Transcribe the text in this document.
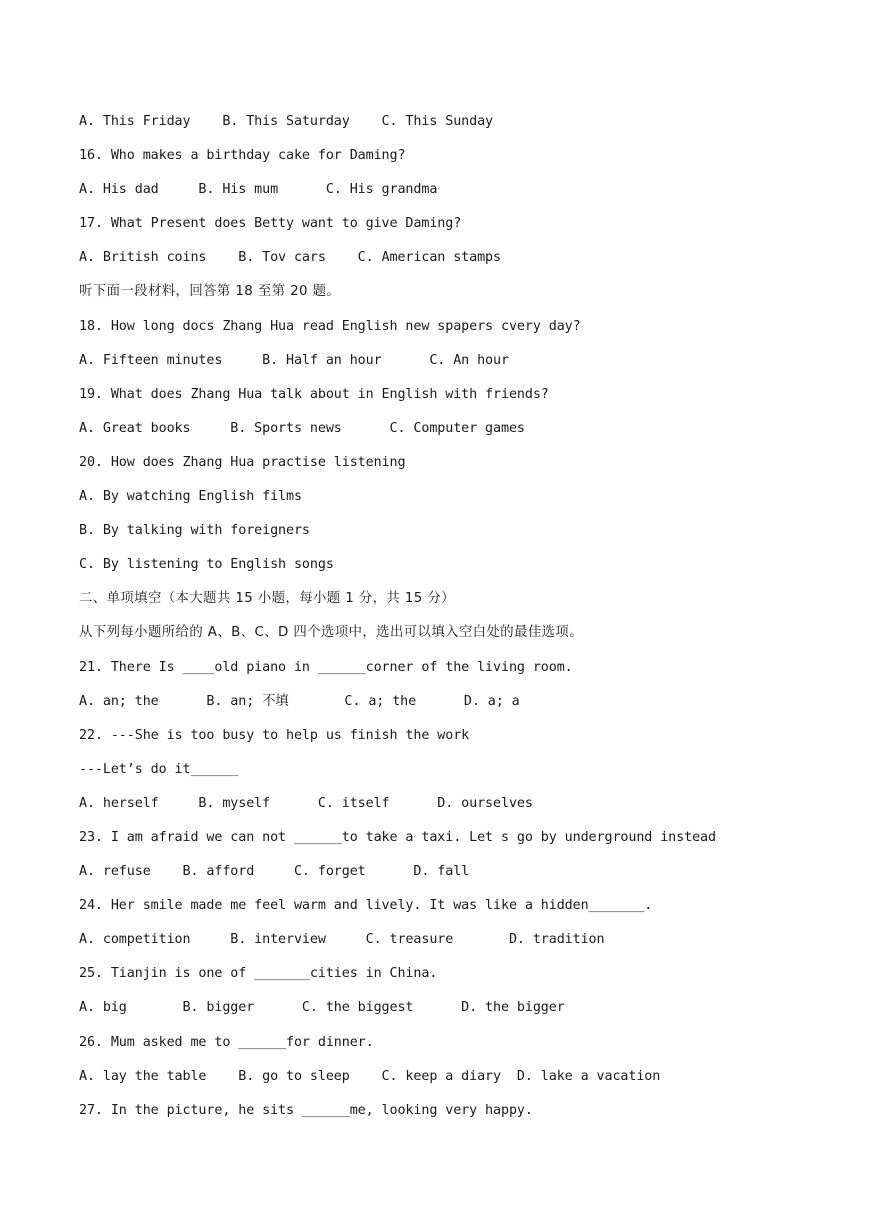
A. This Friday    B. This Saturday    C. This Sunday
16. Who makes a birthday cake for Daming?
A. His dad     B. His mum      C. His grandma
17. What Present does Betty want to give Daming?
A. British coins    B. Tov cars    C. American stamps
听下面一段材料，回答第 18 至第 20 题。
18. How long docs Zhang Hua read English new spapers cvery day?
A. Fifteen minutes     B. Half an hour      C. An hour
19. What does Zhang Hua talk about in English with friends?
A. Great books     B. Sports news      C. Computer games
20. How does Zhang Hua practise listening
A. By watching English films
B. By talking with foreigners
C. By listening to English songs
二、单项填空（本大题共 15 小题，每小题 1 分，共 15 分）
从下列每小题所给的 A、B、C、D 四个选项中，选出可以填入空白处的最佳选项。
21. There Is ____old piano in ______corner of the living room.
A. an; the      B. an; 不填       C. a; the      D. a; a
22. ---She is too busy to help us finish the work
---Let’s do it______
A. herself     B. myself      C. itself      D. ourselves
23. I am afraid we can not ______to take a taxi. Let s go by underground instead
A. refuse    B. afford     C. forget      D. fall
24. Her smile made me feel warm and lively. It was like a hidden_______.
A. competition     B. interview     C. treasure       D. tradition
25. Tianjin is one of _______cities in China.
A. big       B. bigger      C. the biggest      D. the bigger
26. Mum asked me to ______for dinner.
A. lay the table    B. go to sleep    C. keep a diary  D. lake a vacation
27. In the picture, he sits ______me, looking very happy.
